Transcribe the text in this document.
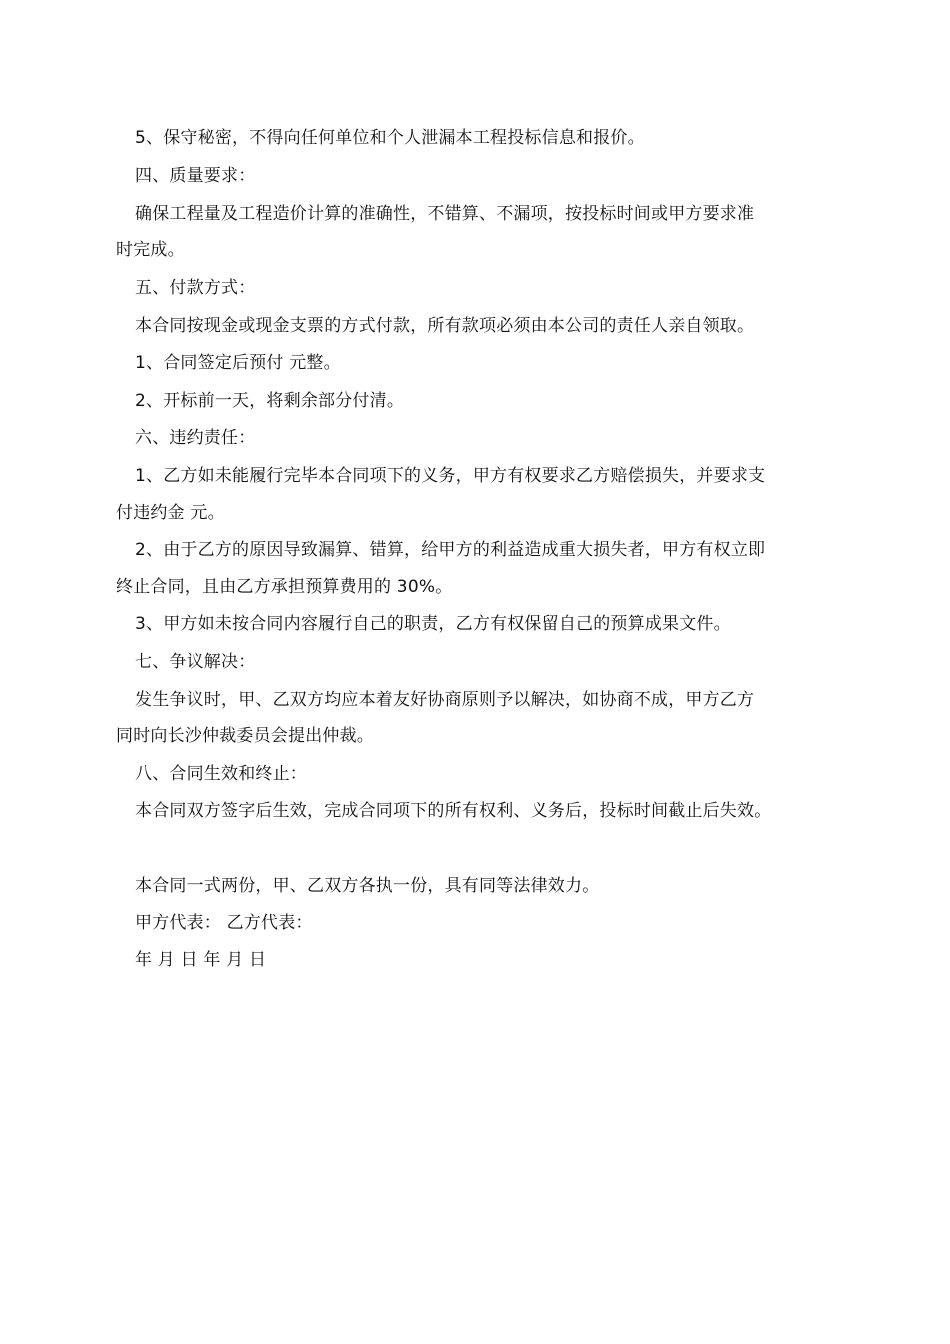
5、保守秘密，不得向任何单位和个人泄漏本工程投标信息和报价。
四、质量要求：
确保工程量及工程造价计算的准确性，不错算、不漏项，按投标时间或甲方要求准
时完成。
五、付款方式：
本合同按现金或现金支票的方式付款，所有款项必须由本公司的责任人亲自领取。
1、合同签定后预付 元整。
2、开标前一天，将剩余部分付清。
六、违约责任：
1、乙方如未能履行完毕本合同项下的义务，甲方有权要求乙方赔偿损失，并要求支
付违约金 元。
2、由于乙方的原因导致漏算、错算，给甲方的利益造成重大损失者，甲方有权立即
终止合同，且由乙方承担预算费用的 30%。
3、甲方如未按合同内容履行自己的职责，乙方有权保留自己的预算成果文件。
七、争议解决：
发生争议时，甲、乙双方均应本着友好协商原则予以解决，如协商不成，甲方乙方
同时向长沙仲裁委员会提出仲裁。
八、合同生效和终止：
本合同双方签字后生效，完成合同项下的所有权利、义务后，投标时间截止后失效。
本合同一式两份，甲、乙双方各执一份，具有同等法律效力。
甲方代表： 乙方代表：
年 月 日 年 月 日
